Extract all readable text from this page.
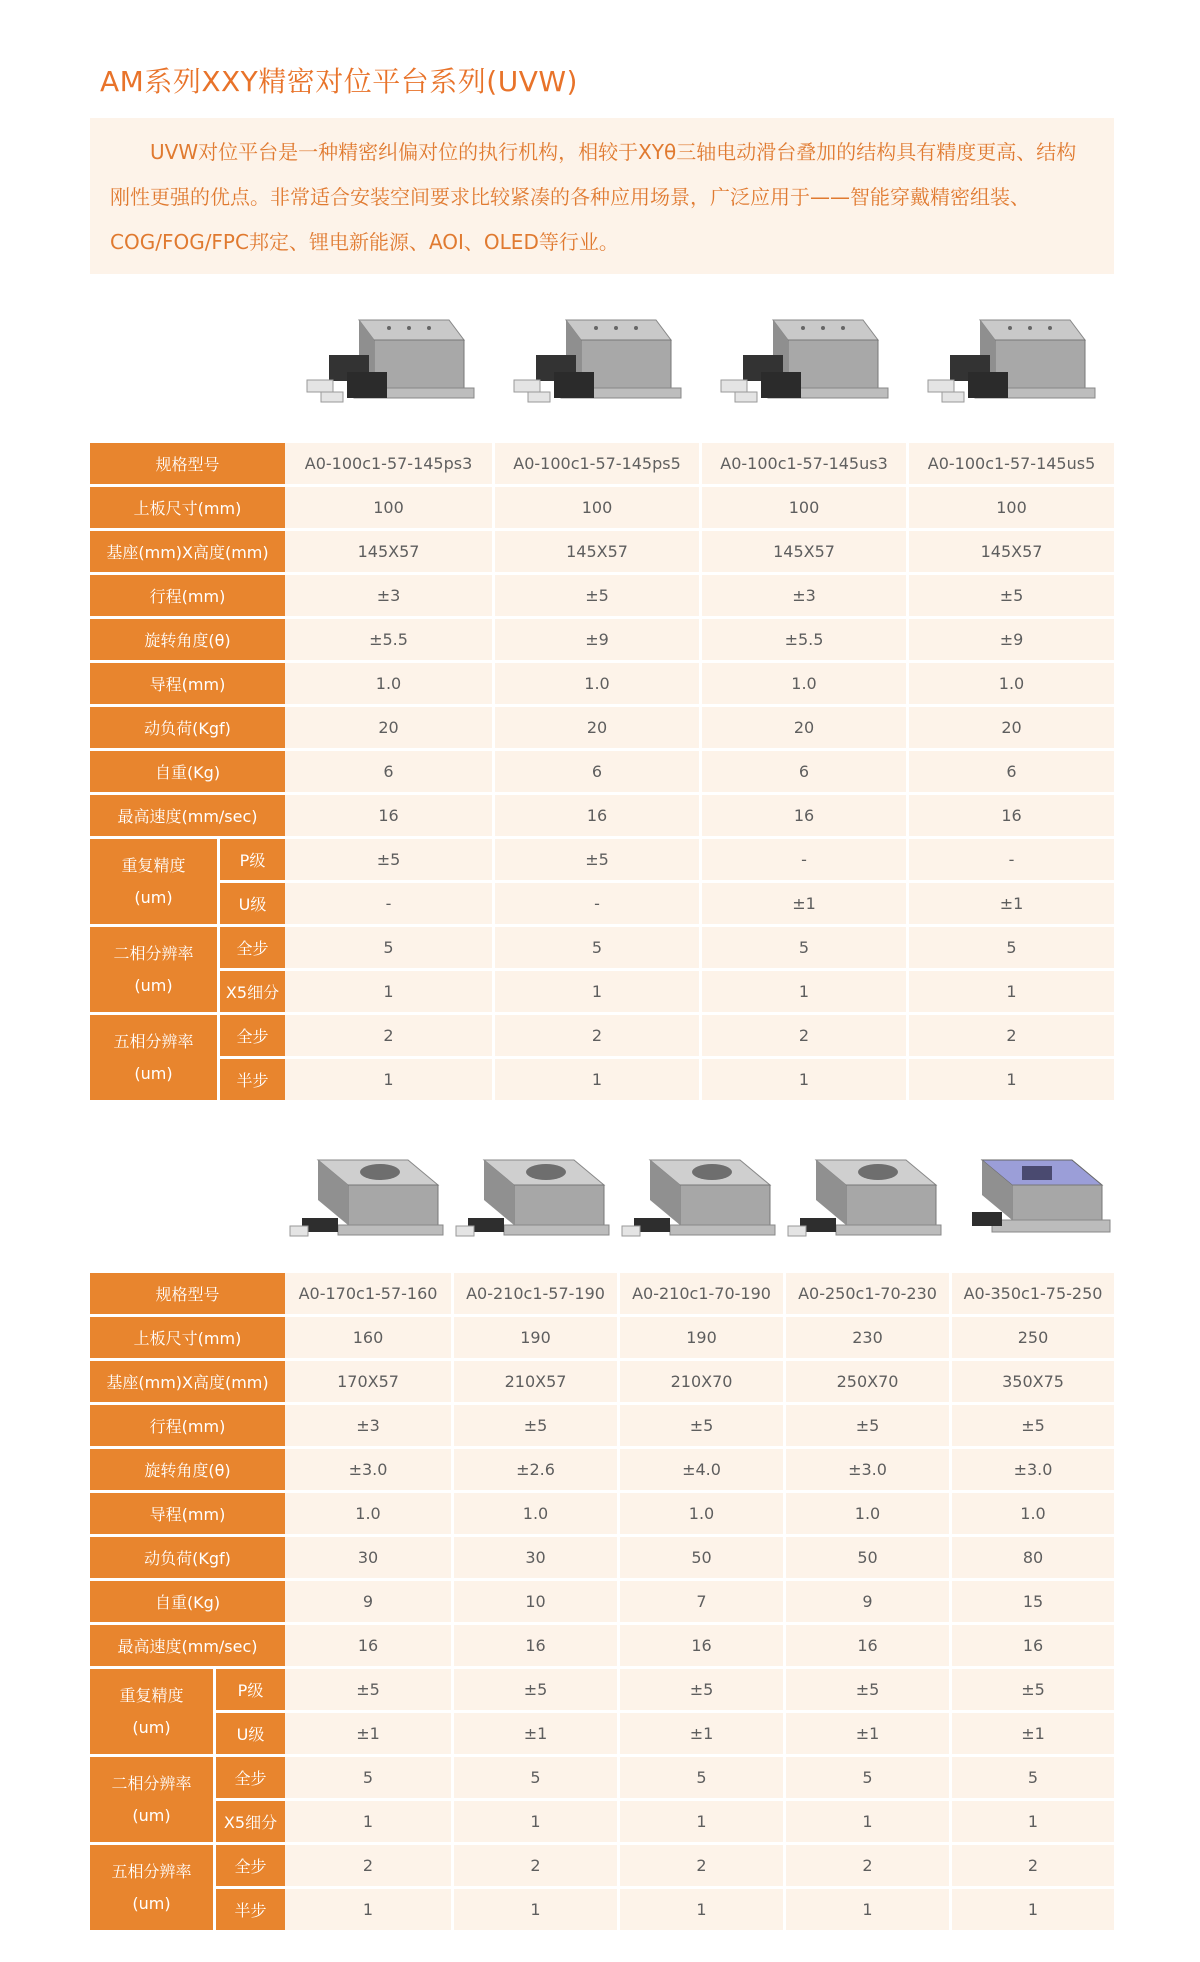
AM系列XXY精密对位平台系列(UVW)

UVW对位平台是一种精密纠偏对位的执行机构，相较于XYθ三轴电动滑台叠加的结构具有精度更高、结构刚性更强的优点。非常适合安装空间要求比较紧凑的各种应用场景，广泛应用于——智能穿戴精密组装、COG/FOG/FPC邦定、锂电新能源、AOI、OLED等行业。

规格型号		A0-100c1-57-145ps3	A0-100c1-57-145ps5	A0-100c1-57-145us3	A0-100c1-57-145us5
上板尺寸(mm)		100	100	100	100
基座(mm)X高度(mm)		145X57	145X57	145X57	145X57
行程(mm)		±3	±5	±3	±5
旋转角度(θ)		±5.5	±9	±5.5	±9
导程(mm)		1.0	1.0	1.0	1.0
动负荷(Kgf)		20	20	20	20
自重(Kg)		6	6	6	6
最高速度(mm/sec)		16	16	16	16
重复精度
(um)	P级	±5	±5	-	-
	U级	-	-	±1	±1
二相分辨率
(um)	全步	5	5	5	5
	X5细分	1	1	1	1
五相分辨率
(um)	全步	2	2	2	2
	半步	1	1	1	1
规格型号		A0-170c1-57-160	A0-210c1-57-190	A0-210c1-70-190	A0-250c1-70-230	A0-350c1-75-250
上板尺寸(mm)		160	190	190	230	250
基座(mm)X高度(mm)		170X57	210X57	210X70	250X70	350X75
行程(mm)		±3	±5	±5	±5	±5
旋转角度(θ)		±3.0	±2.6	±4.0	±3.0	±3.0
导程(mm)		1.0	1.0	1.0	1.0	1.0
动负荷(Kgf)		30	30	50	50	80
自重(Kg)		9	10	7	9	15
最高速度(mm/sec)		16	16	16	16	16
重复精度
(um)	P级	±5	±5	±5	±5	±5
	U级	±1	±1	±1	±1	±1
二相分辨率
(um)	全步	5	5	5	5	5
	X5细分	1	1	1	1	1
五相分辨率
(um)	全步	2	2	2	2	2
	半步	1	1	1	1	1
